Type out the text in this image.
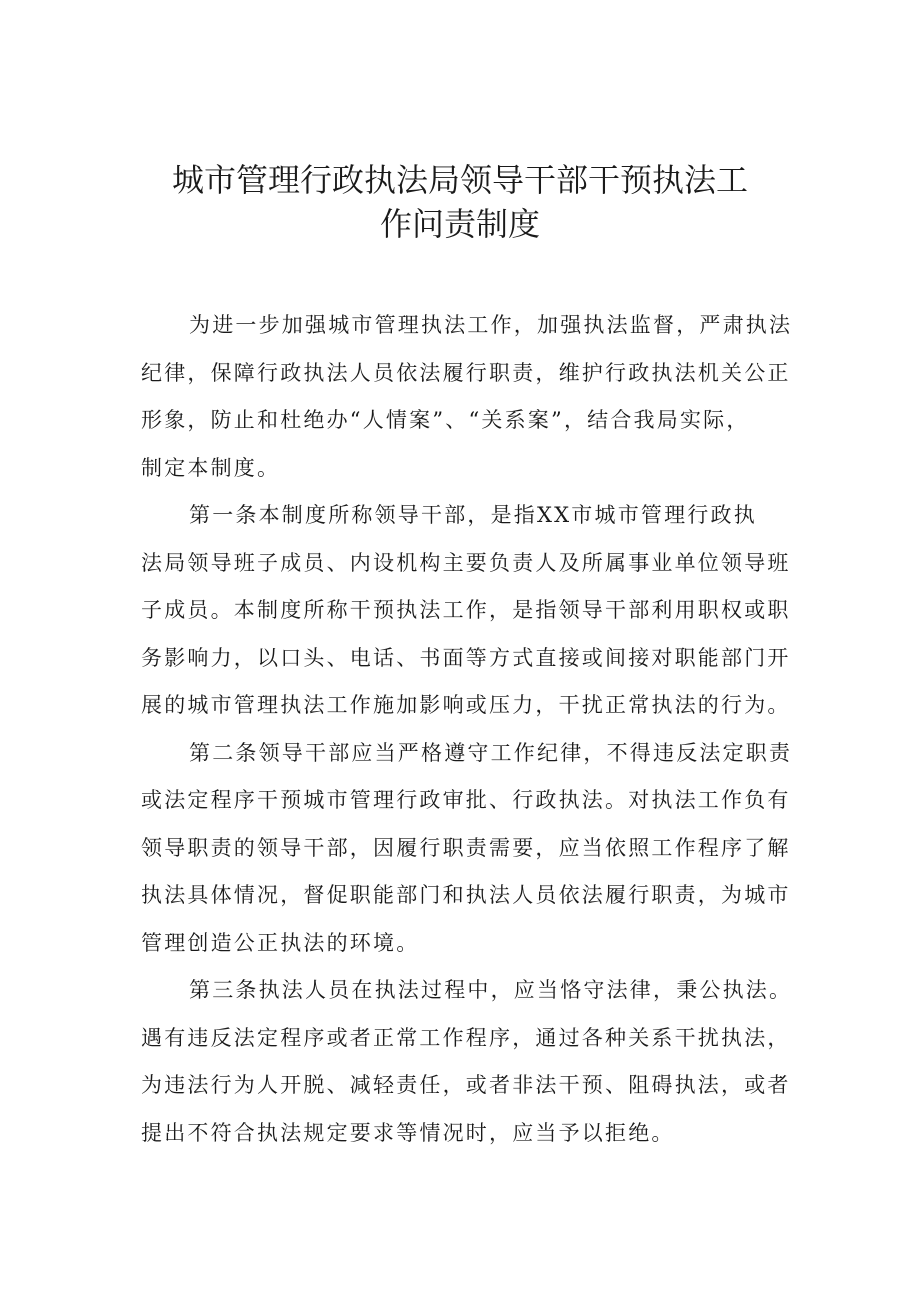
城市管理行政执法局领导干部干预执法工
作问责制度
为进一步加强城市管理执法工作，加强执法监督，严肃执法
纪律，保障行政执法人员依法履行职责，维护行政执法机关公正
形象，防止和杜绝办“人情案”、“关系案”，结合我局实际，
制定本制度。
第一条本制度所称领导干部，是指XX市城市管理行政执
法局领导班子成员、内设机构主要负责人及所属事业单位领导班
子成员。本制度所称干预执法工作，是指领导干部利用职权或职
务影响力，以口头、电话、书面等方式直接或间接对职能部门开
展的城市管理执法工作施加影响或压力，干扰正常执法的行为。
第二条领导干部应当严格遵守工作纪律，不得违反法定职责
或法定程序干预城市管理行政审批、行政执法。对执法工作负有
领导职责的领导干部，因履行职责需要，应当依照工作程序了解
执法具体情况，督促职能部门和执法人员依法履行职责，为城市
管理创造公正执法的环境。
第三条执法人员在执法过程中，应当恪守法律，秉公执法。
遇有违反法定程序或者正常工作程序，通过各种关系干扰执法，
为违法行为人开脱、减轻责任，或者非法干预、阻碍执法，或者
提出不符合执法规定要求等情况时，应当予以拒绝。
